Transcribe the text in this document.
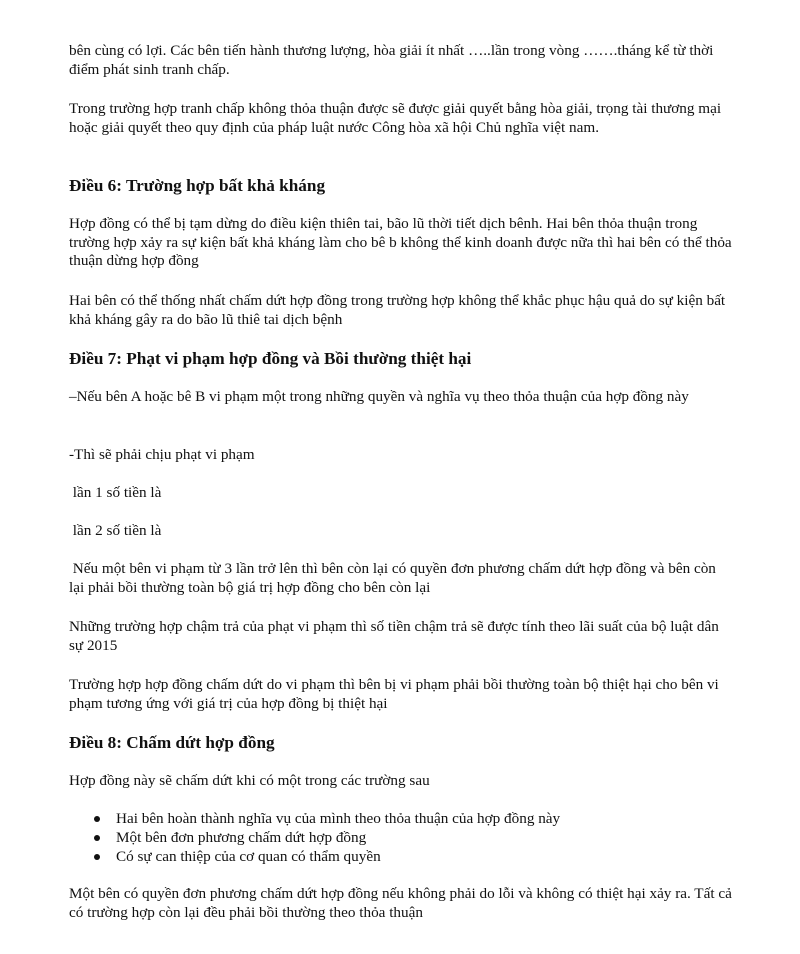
bên cùng có lợi. Các bên tiến hành thương lượng, hòa giải ít nhất …..lần trong vòng …….tháng kể từ thời điểm phát sinh tranh chấp.

Trong trường hợp tranh chấp không thỏa thuận được sẽ được giải quyết bằng hòa giải, trọng tài thương mại hoặc giải quyết theo quy định của pháp luật nước Công hòa xã hội Chủ nghĩa việt nam.

Điều 6: Trường hợp bất khả kháng

Hợp đồng có thể bị tạm dừng do điều kiện thiên tai, bão lũ thời tiết dịch bênh. Hai bên thỏa thuận trong trường hợp xảy ra sự kiện bất khả kháng làm cho bê b không thể kinh doanh được nữa thì hai bên có thể thỏa thuận dừng hợp đồng

Hai bên có thể thống nhất chấm dứt hợp đồng trong trường hợp không thể khắc phục hậu quả do sự kiện bất khả kháng gây ra do bão lũ thiê tai dịch bệnh

Điều 7: Phạt vi phạm hợp đồng và Bồi thường thiệt hại

–Nếu bên A hoặc bê B vi phạm một trong những quyền và nghĩa vụ theo thỏa thuận của hợp đồng này

-Thì sẽ phải chịu phạt vi phạm

lần 1 số tiền là

lần 2 số tiền là

Nếu một bên vi phạm từ 3 lần trở lên thì bên còn lại có quyền đơn phương chấm dứt hợp đồng và bên còn lại phải bồi thường toàn bộ giá trị hợp đồng cho bên còn lại

Những trường hợp chậm trả của phạt vi phạm thì số tiền chậm trả sẽ được tính theo lãi suất của bộ luật dân sự 2015

Trường hợp hợp đồng chấm dứt do vi phạm thì bên bị vi phạm phải bồi thường toàn bộ thiệt hại cho bên vi phạm tương ứng với giá trị của hợp đồng bị thiệt hại

Điều 8: Chấm dứt hợp đồng

Hợp đồng này sẽ chấm dứt khi có một trong các trường sau

Hai bên hoàn thành nghĩa vụ của mình theo thỏa thuận của hợp đồng này
Một bên đơn phương chấm dứt hợp đồng
Có sự can thiệp của cơ quan có thẩm quyền

Một bên có quyền đơn phương chấm dứt hợp đồng nếu không phải do lỗi và không có thiệt hại xảy ra. Tất cả có trường hợp còn lại đều phải bồi thường theo thỏa thuận
